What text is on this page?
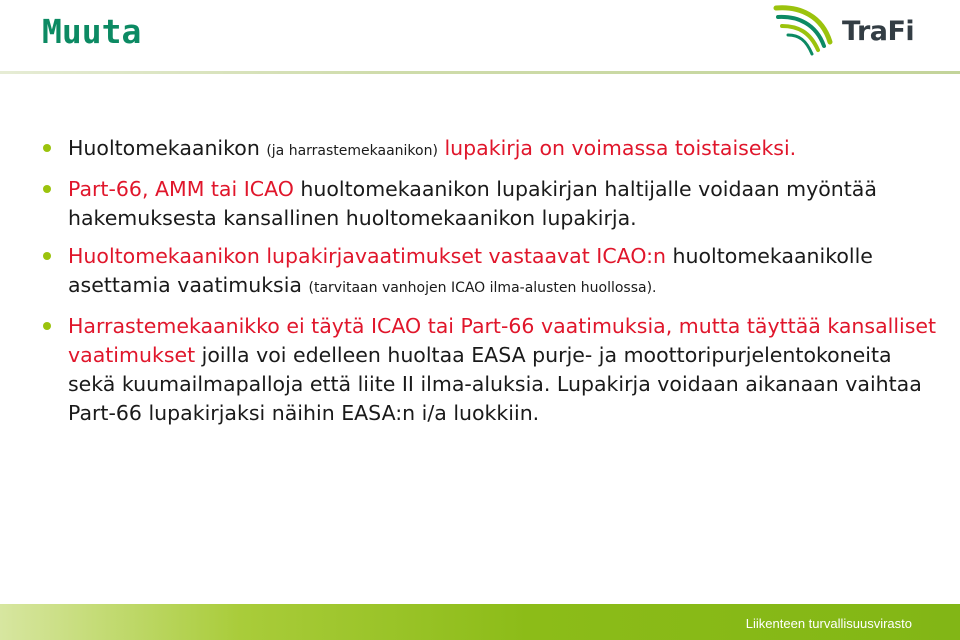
Muuta	TraFi
Huoltomekaanikon (ja harrastemekaanikon) lupakirja on voimassa toistaiseksi.
Part-66, AMM tai ICAO huoltomekaanikon lupakirjan haltijalle voidaan myöntää hakemuksesta kansallinen huoltomekaanikon lupakirja.
Huoltomekaanikon lupakirjavaatimukset vastaavat ICAO:n huoltomekaanikolle asettamia vaatimuksia (tarvitaan vanhojen ICAO ilma-alusten huollossa).
Harrastemekaanikko ei täytä ICAO tai Part-66 vaatimuksia, mutta täyttää kansalliset vaatimukset joilla voi edelleen huoltaa EASA purje- ja moottoripurjelentokoneita sekä kuumailmapalloja että liite II ilma-aluksia. Lupakirja voidaan aikanaan vaihtaa Part-66 lupakirjaksi näihin EASA:n i/a luokkiin.
Liikenteen turvallisuusvirasto
